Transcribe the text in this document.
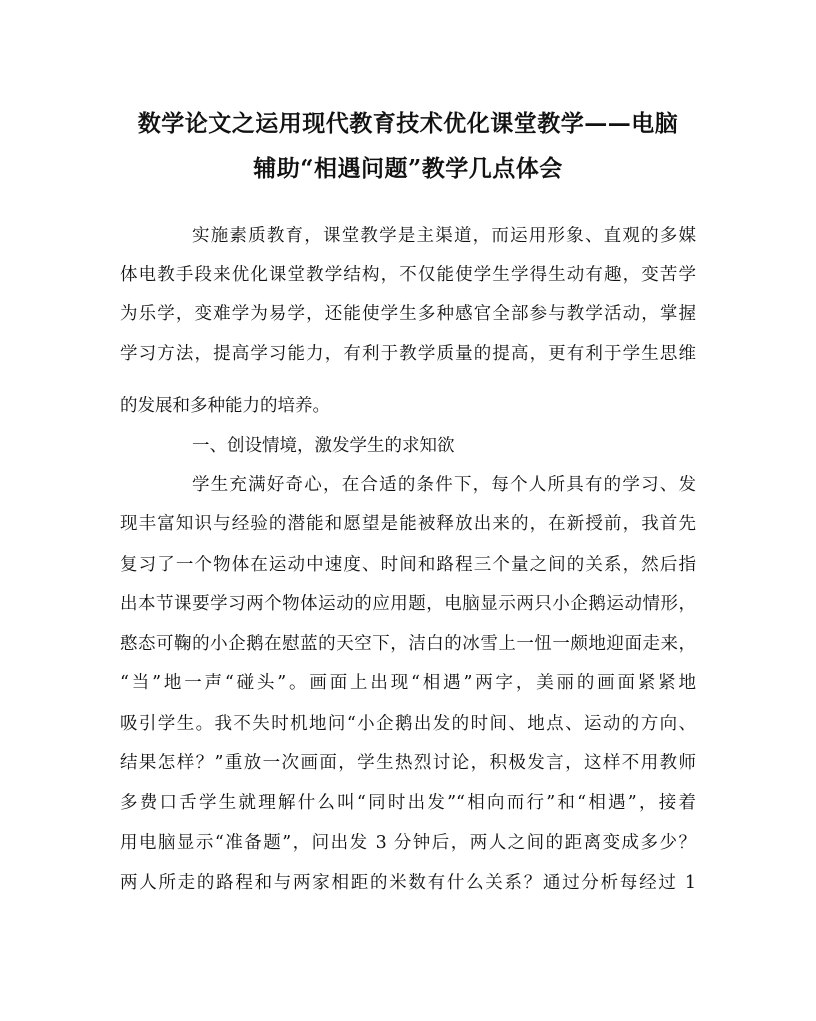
数学论文之运用现代教育技术优化课堂教学——电脑
辅助“相遇问题”教学几点体会
实施素质教育，课堂教学是主渠道，而运用形象、直观的多媒
体电教手段来优化课堂教学结构，不仅能使学生学得生动有趣，变苦学
为乐学，变难学为易学，还能使学生多种感官全部参与教学活动，掌握
学习方法，提高学习能力，有利于教学质量的提高，更有利于学生思维
的发展和多种能力的培养。
一、创设情境，激发学生的求知欲
学生充满好奇心，在合适的条件下，每个人所具有的学习、发
现丰富知识与经验的潜能和愿望是能被释放出来的，在新授前，我首先
复习了一个物体在运动中速度、时间和路程三个量之间的关系，然后指
出本节课要学习两个物体运动的应用题，电脑显示两只小企鹅运动情形，
憨态可鞠的小企鹅在慰蓝的天空下，洁白的冰雪上一忸一颇地迎面走来，
“当”地一声“碰头”。画面上出现“相遇”两字，美丽的画面紧紧地
吸引学生。我不失时机地问“小企鹅出发的时间、地点、运动的方向、
结果怎样？”重放一次画面，学生热烈讨论，积极发言，这样不用教师
多费口舌学生就理解什么叫“同时出发”“相向而行”和“相遇”，接着
用电脑显示“准备题”，问出发 3 分钟后，两人之间的距离变成多少？
两人所走的路程和与两家相距的米数有什么关系？通过分析每经过 1
